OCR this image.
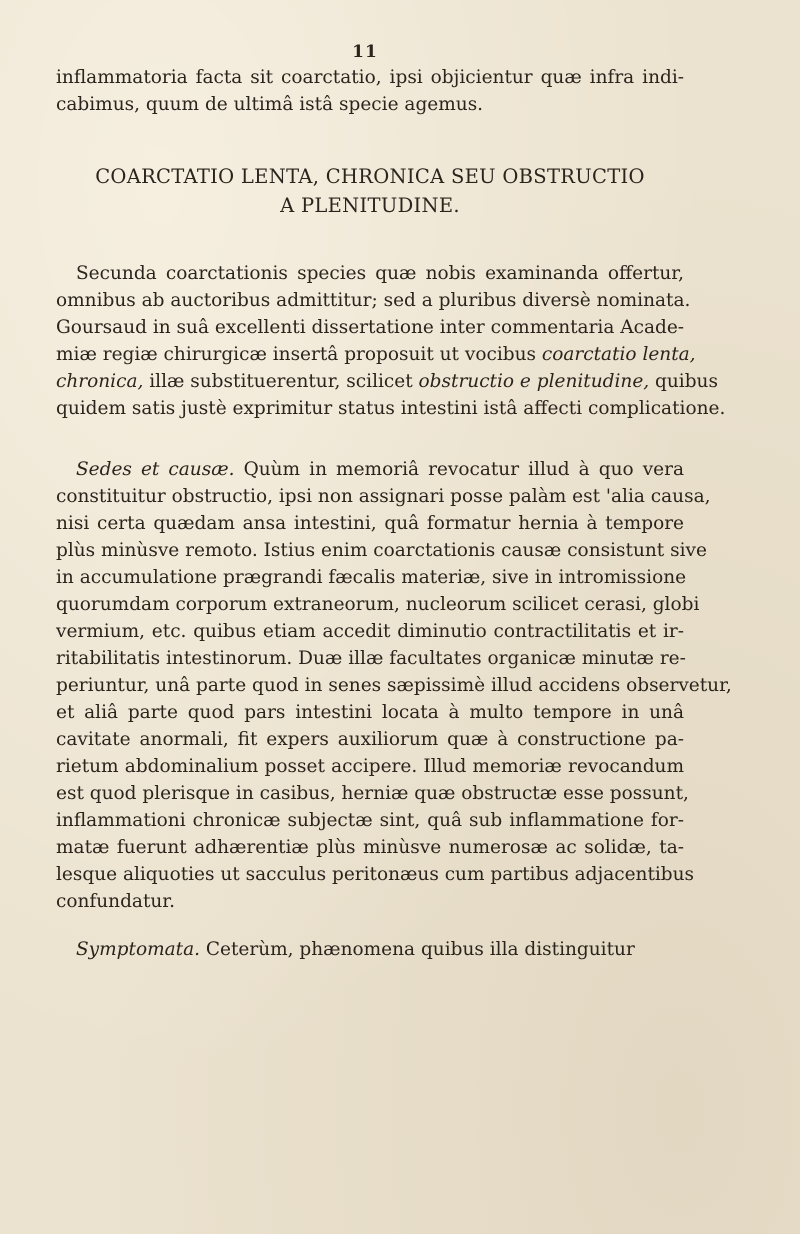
11
inflammatoria facta sit coarctatio, ipsi objicientur quæ infra indi-
cabimus, quum de ultimâ istâ specie agemus.
COARCTATIO LENTA, CHRONICA SEU OBSTRUCTIO
A PLENITUDINE.
Secunda coarctationis species quæ nobis examinanda offertur,
omnibus ab auctoribus admittitur; sed a pluribus diversè nominata.
Goursaud in suâ excellenti dissertatione inter commentaria Acade-
miæ regiæ chirurgicæ insertâ proposuit ut vocibus coarctatio lenta,
chronica, illæ substituerentur, scilicet obstructio e plenitudine, quibus
quidem satis justè exprimitur status intestini istâ affecti complicatione.
Sedes et causæ. Quùm in memoriâ revocatur illud à quo vera
constituitur obstructio, ipsi non assignari posse palàm est 'alia causa,
nisi certa quædam ansa intestini, quâ formatur hernia à tempore
plùs minùsve remoto. Istius enim coarctationis causæ consistunt sive
in accumulatione prægrandi fæcalis materiæ, sive in intromissione
quorumdam corporum extraneorum, nucleorum scilicet cerasi, globi
vermium, etc. quibus etiam accedit diminutio contractilitatis et ir-
ritabilitatis intestinorum. Duæ illæ facultates organicæ minutæ re-
periuntur, unâ parte quod in senes sæpissimè illud accidens observetur,
et aliâ parte quod pars intestini locata à multo tempore in unâ
cavitate anormali, fit expers auxiliorum quæ à constructione pa-
rietum abdominalium posset accipere. Illud memoriæ revocandum
est quod plerisque in casibus, herniæ quæ obstructæ esse possunt,
inflammationi chronicæ subjectæ sint, quâ sub inflammatione for-
matæ fuerunt adhærentiæ plùs minùsve numerosæ ac solidæ, ta-
lesque aliquoties ut sacculus peritonæus cum partibus adjacentibus
confundatur.
Symptomata. Ceterùm, phænomena quibus illa distinguitur
